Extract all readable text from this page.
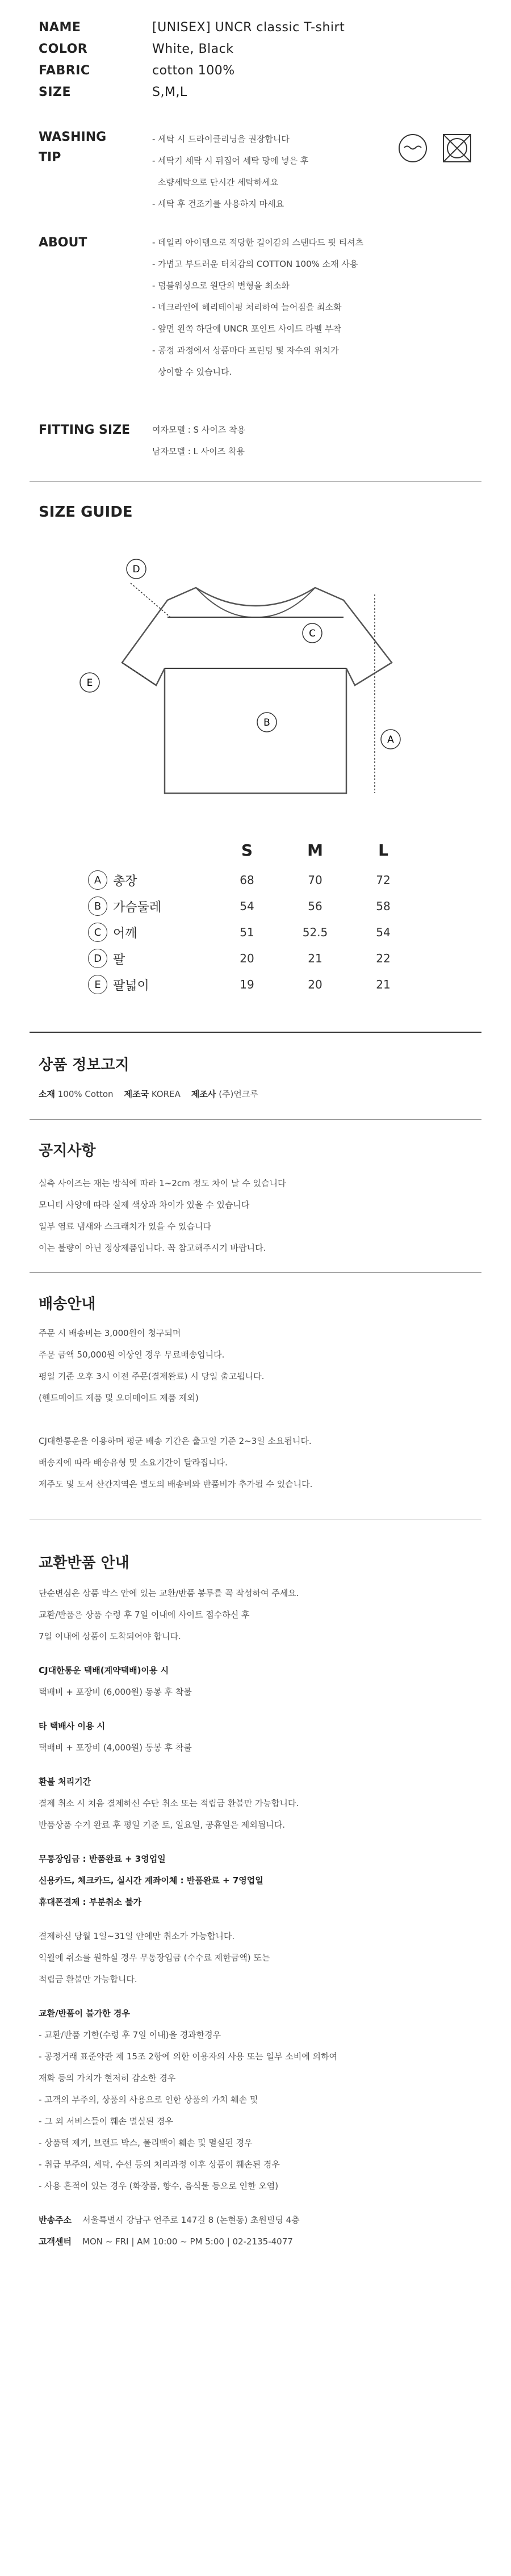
NAME	[UNISEX] UNCR classic T-shirt
COLOR	White, Black
FABRIC	cotton 100%
SIZE	S,M,L
WASHING
TIP
- 세탁 시 드라이클리닝을 권장합니다
- 세탁기 세탁 시 뒤집어 세탁 망에 넣은 후
소량세탁으로 단시간 세탁하세요
- 세탁 후 건조기를 사용하지 마세요
ABOUT	- 데일리 아이템으로 적당한 길이감의 스탠다드 핏 티셔츠
- 가볍고 부드러운 터치감의 COTTON 100% 소재 사용
- 덤블워싱으로 원단의 변형을 최소화
- 네크라인에 헤리테이핑 처리하여 늘어짐을 최소화
- 앞면 왼쪽 하단에 UNCR 포인트 사이드 라벨 부착
- 공정 과정에서 상품마다 프린팅 및 자수의 위치가
상이할 수 있습니다.
FITTING SIZE	여자모델 : S 사이즈 착용
남자모델 : L 사이즈 착용
SIZE GUIDE
D
C
E
B
A
S	M	L
A 총장	68	70	72
B 가슴둘레	54	56	58
C 어깨	51	52.5	54
D 팔	20	21	22
E 팔넓이	19	20	21
상품 정보고지
소재 100% Cotton 제조국 KOREA 제조사 (주)언크루
공지사항

실측 사이즈는 재는 방식에 따라 1~2cm 정도 차이 날 수 있습니다

모니터 사양에 따라 실제 색상과 차이가 있을 수 있습니다

일부 염료 냄새와 스크래치가 있을 수 있습니다

이는 불량이 아닌 정상제품입니다. 꼭 참고해주시기 바랍니다.

배송안내

주문 시 배송비는 3,000원이 청구되며

주문 금액 50,000원 이상인 경우 무료배송입니다.

평일 기준 오후 3시 이전 주문(결제완료) 시 당일 출고됩니다.

(핸드메이드 제품 및 오더메이드 제품 제외)

CJ대한통운을 이용하며 평균 배송 기간은 출고일 기준 2~3일 소요됩니다.

배송지에 따라 배송유형 및 소요기간이 달라집니다.

제주도 및 도서 산간지역은 별도의 배송비와 반품비가 추가될 수 있습니다.

교환반품 안내

단순변심은 상품 박스 안에 있는 교환/반품 봉투를 꼭 작성하여 주세요.

교환/반품은 상품 수령 후 7일 이내에 사이트 접수하신 후

7일 이내에 상품이 도착되어야 합니다.

CJ대한통운 택배(계약택배)이용 시

택배비 + 포장비 (6,000원) 동봉 후 착불

타 택배사 이용 시

택배비 + 포장비 (4,000원) 동봉 후 착불

환불 처리기간

결제 취소 시 처음 결제하신 수단 취소 또는 적립금 환불만 가능합니다.

반품상품 수거 완료 후 평일 기준 토, 일요일, 공휴일은 제외됩니다.

무통장입금 : 반품완료 + 3영업일

신용카드, 체크카드, 실시간 계좌이체 : 반품완료 + 7영업일

휴대폰결제 : 부분취소 불가

결제하신 당월 1일~31일 안에만 취소가 가능합니다.

익월에 취소를 원하실 경우 무통장입금 (수수료 제한금액) 또는

적립금 환불만 가능합니다.

교환/반품이 불가한 경우

- 교환/반품 기한(수령 후 7일 이내)을 경과한경우

- 공정거래 표준약관 제 15조 2항에 의한 이용자의 사용 또는 일부 소비에 의하여

재화 등의 가치가 현저히 감소한 경우

- 고객의 부주의, 상품의 사용으로 인한 상품의 가치 훼손 및

- 그 외 서비스들이 훼손 멸실된 경우

- 상품택 제거, 브랜드 박스, 폴리백이 훼손 및 멸실된 경우

- 취급 부주의, 세탁, 수선 등의 처리과정 이후 상품이 훼손된 경우

- 사용 흔적이 있는 경우 (화장품, 향수, 음식물 등으로 인한 오염)

반송주소 서울특별시 강남구 언주로 147길 8 (논현동) 초원빌딩 4층

고객센터 MON ~ FRI | AM 10:00 ~ PM 5:00 | 02-2135-4077
